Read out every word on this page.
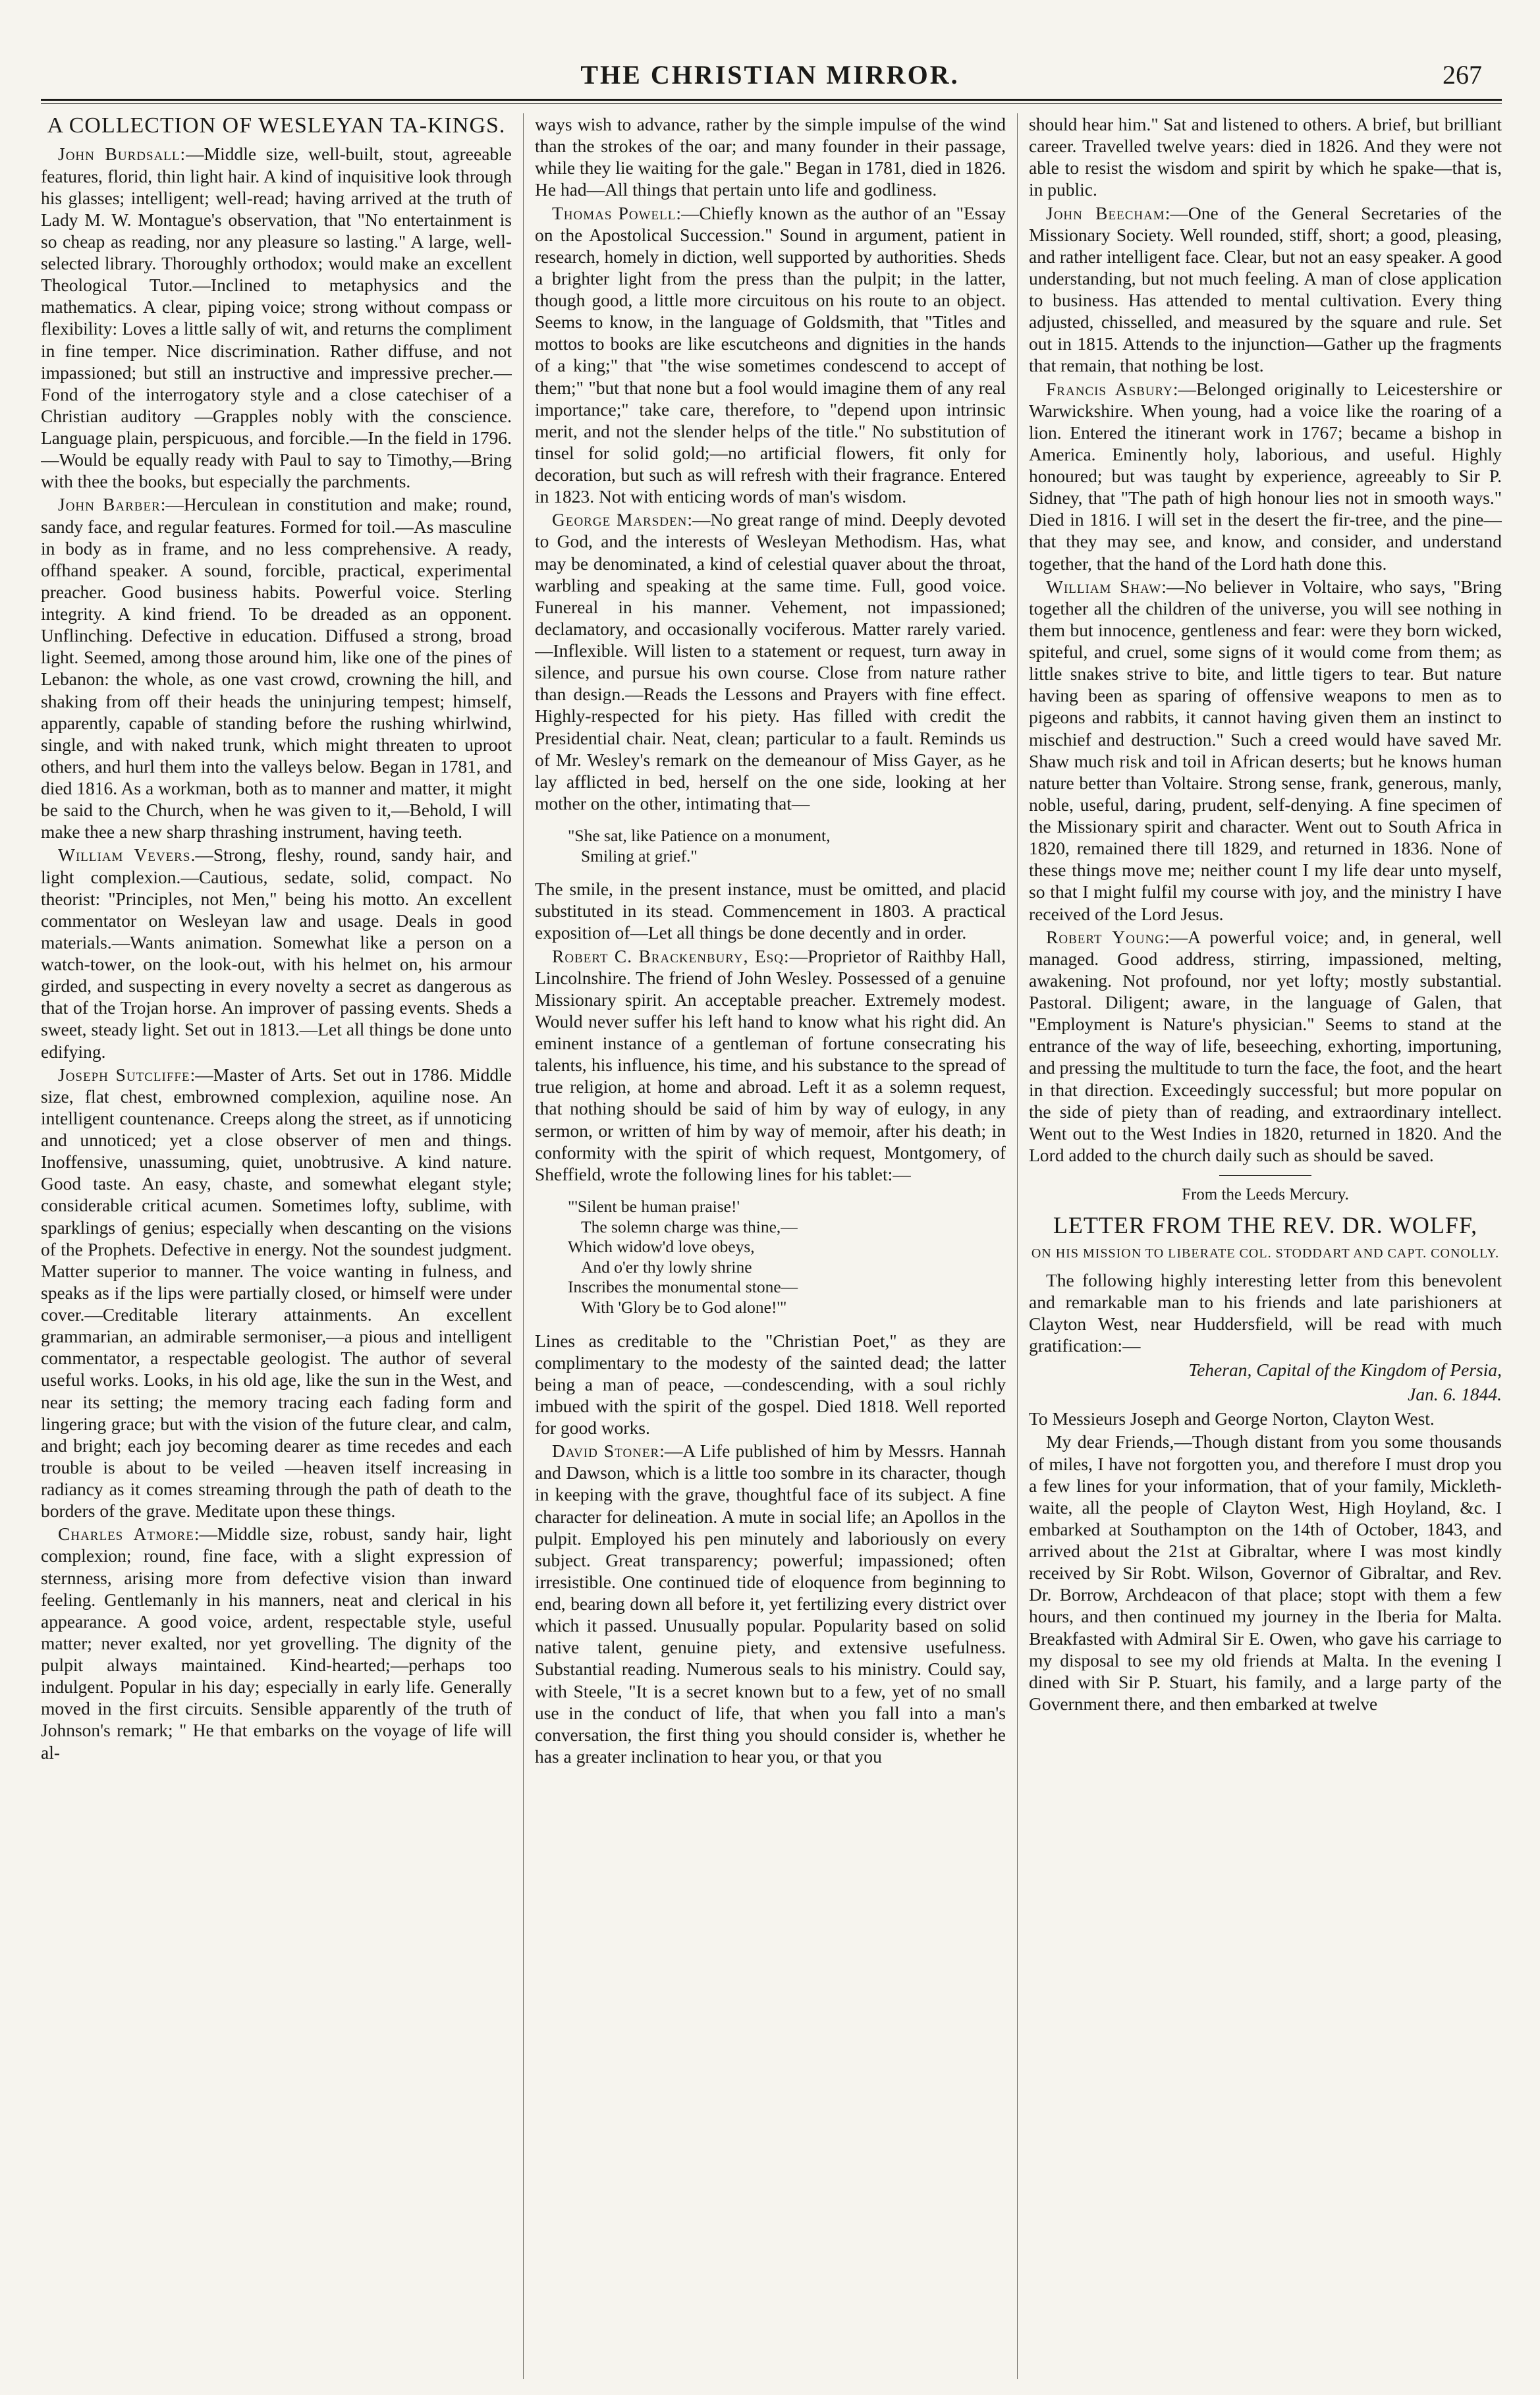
THE CHRISTIAN MIRROR.	267
A COLLECTION OF WESLEYAN TA-KINGS.

John Burdsall:—Middle size, well-built, stout, agreeable features, florid, thin light hair. A kind of inquisitive look through his glasses; intelligent; well-read; having arrived at the truth of Lady M. W. Montague's observation, that "No entertainment is so cheap as reading, nor any pleasure so lasting." A large, well-selected library. Thoroughly orthodox; would make an excellent Theological Tutor.—Inclined to metaphysics and the mathematics. A clear, piping voice; strong without compass or flexibility: Loves a little sally of wit, and returns the compliment in fine temper. Nice discrimination. Rather diffuse, and not impassioned; but still an instructive and impressive precher.—Fond of the interrogatory style and a close catechiser of a Christian auditory —Grapples nobly with the conscience. Language plain, perspicuous, and forcible.—In the field in 1796.—Would be equally ready with Paul to say to Timothy,—Bring with thee the books, but especially the parchments.

John Barber:—Herculean in constitution and make; round, sandy face, and regular features. Formed for toil.—As masculine in body as in frame, and no less comprehensive. A ready, offhand speaker. A sound, forcible, practical, experimental preacher. Good business habits. Powerful voice. Sterling integrity. A kind friend. To be dreaded as an opponent. Unflinching. Defective in education. Diffused a strong, broad light. Seemed, among those around him, like one of the pines of Lebanon: the whole, as one vast crowd, crowning the hill, and shaking from off their heads the uninjuring tempest; himself, apparently, capable of standing before the rushing whirlwind, single, and with naked trunk, which might threaten to uproot others, and hurl them into the valleys below. Began in 1781, and died 1816. As a workman, both as to manner and matter, it might be said to the Church, when he was given to it,—Behold, I will make thee a new sharp thrashing instrument, having teeth.

William Vevers.—Strong, fleshy, round, sandy hair, and light complexion.—Cautious, sedate, solid, compact. No theorist: "Principles, not Men," being his motto. An excellent commentator on Wesleyan law and usage. Deals in good materials.—Wants animation. Somewhat like a person on a watch-tower, on the look-out, with his helmet on, his armour girded, and suspecting in every novelty a secret as dangerous as that of the Trojan horse. An improver of passing events. Sheds a sweet, steady light. Set out in 1813.—Let all things be done unto edifying.

Joseph Sutcliffe:—Master of Arts. Set out in 1786. Middle size, flat chest, embrowned complexion, aquiline nose. An intelligent countenance. Creeps along the street, as if unnoticing and unnoticed; yet a close observer of men and things. Inoffensive, unassuming, quiet, unobtrusive. A kind nature. Good taste. An easy, chaste, and somewhat elegant style; considerable critical acumen. Sometimes lofty, sublime, with sparklings of genius; especially when descanting on the visions of the Prophets. Defective in energy. Not the soundest judgment. Matter superior to manner. The voice wanting in fulness, and speaks as if the lips were partially closed, or himself were under cover.—Creditable literary attainments. An excellent grammarian, an admirable sermoniser,—a pious and intelligent commentator, a respectable geologist. The author of several useful works. Looks, in his old age, like the sun in the West, and near its setting; the memory tracing each fading form and lingering grace; but with the vision of the future clear, and calm, and bright; each joy becoming dearer as time recedes and each trouble is about to be veiled —heaven itself increasing in radiancy as it comes streaming through the path of death to the borders of the grave. Meditate upon these things.

Charles Atmore:—Middle size, robust, sandy hair, light complexion; round, fine face, with a slight expression of sternness, arising more from defective vision than inward feeling. Gentlemanly in his manners, neat and clerical in his appearance. A good voice, ardent, respectable style, useful matter; never exalted, nor yet grovelling. The dignity of the pulpit always maintained. Kind-hearted;—perhaps too indulgent. Popular in his day; especially in early life. Generally moved in the first circuits. Sensible apparently of the truth of Johnson's remark; " He that embarks on the voyage of life will al-

ways wish to advance, rather by the simple impulse of the wind than the strokes of the oar; and many founder in their passage, while they lie waiting for the gale." Began in 1781, died in 1826. He had—All things that pertain unto life and godliness.

Thomas Powell:—Chiefly known as the author of an "Essay on the Apostolical Succession." Sound in argument, patient in research, homely in diction, well supported by authorities. Sheds a brighter light from the press than the pulpit; in the latter, though good, a little more circuitous on his route to an object. Seems to know, in the language of Goldsmith, that "Titles and mottos to books are like escutcheons and dignities in the hands of a king;" that "the wise sometimes condescend to accept of them;" "but that none but a fool would imagine them of any real importance;" take care, therefore, to "depend upon intrinsic merit, and not the slender helps of the title." No substitution of tinsel for solid gold;—no artificial flowers, fit only for decoration, but such as will refresh with their fragrance. Entered in 1823. Not with enticing words of man's wisdom.

George Marsden:—No great range of mind. Deeply devoted to God, and the interests of Wesleyan Methodism. Has, what may be denominated, a kind of celestial quaver about the throat, warbling and speaking at the same time. Full, good voice. Funereal in his manner. Vehement, not impassioned; declamatory, and occasionally vociferous. Matter rarely varied.—Inflexible. Will listen to a statement or request, turn away in silence, and pursue his own course. Close from nature rather than design.—Reads the Lessons and Prayers with fine effect. Highly-respected for his piety. Has filled with credit the Presidential chair. Neat, clean; particular to a fault. Reminds us of Mr. Wesley's remark on the demeanour of Miss Gayer, as he lay afflicted in bed, herself on the one side, looking at her mother on the other, intimating that—

"She sat, like Patience on a monument,
Smiling at grief."

The smile, in the present instance, must be omitted, and placid substituted in its stead. Commencement in 1803. A practical exposition of—Let all things be done decently and in order.

Robert C. Brackenbury, Esq:—Proprietor of Raithby Hall, Lincolnshire. The friend of John Wesley. Possessed of a genuine Missionary spirit. An acceptable preacher. Extremely modest. Would never suffer his left hand to know what his right did. An eminent instance of a gentleman of fortune consecrating his talents, his influence, his time, and his substance to the spread of true religion, at home and abroad. Left it as a solemn request, that nothing should be said of him by way of eulogy, in any sermon, or written of him by way of memoir, after his death; in conformity with the spirit of which request, Montgomery, of Sheffield, wrote the following lines for his tablet:—

"'Silent be human praise!'
The solemn charge was thine,—
Which widow'd love obeys,
And o'er thy lowly shrine
Inscribes the monumental stone—
With 'Glory be to God alone!'"

Lines as creditable to the "Christian Poet," as they are complimentary to the modesty of the sainted dead; the latter being a man of peace, —condescending, with a soul richly imbued with the spirit of the gospel. Died 1818. Well reported for good works.

David Stoner:—A Life published of him by Messrs. Hannah and Dawson, which is a little too sombre in its character, though in keeping with the grave, thoughtful face of its subject. A fine character for delineation. A mute in social life; an Apollos in the pulpit. Employed his pen minutely and laboriously on every subject. Great transparency; powerful; impassioned; often irresistible. One continued tide of eloquence from beginning to end, bearing down all before it, yet fertilizing every district over which it passed. Unusually popular. Popularity based on solid native talent, genuine piety, and extensive usefulness. Substantial reading. Numerous seals to his ministry. Could say, with Steele, "It is a secret known but to a few, yet of no small use in the conduct of life, that when you fall into a man's conversation, the first thing you should consider is, whether he has a greater inclination to hear you, or that you

should hear him." Sat and listened to others. A brief, but brilliant career. Travelled twelve years: died in 1826. And they were not able to resist the wisdom and spirit by which he spake—that is, in public.

John Beecham:—One of the General Secretaries of the Missionary Society. Well rounded, stiff, short; a good, pleasing, and rather intelligent face. Clear, but not an easy speaker. A good understanding, but not much feeling. A man of close application to business. Has attended to mental cultivation. Every thing adjusted, chisselled, and measured by the square and rule. Set out in 1815. Attends to the injunction—Gather up the fragments that remain, that nothing be lost.

Francis Asbury:—Belonged originally to Leicestershire or Warwickshire. When young, had a voice like the roaring of a lion. Entered the itinerant work in 1767; became a bishop in America. Eminently holy, laborious, and useful. Highly honoured; but was taught by experience, agreeably to Sir P. Sidney, that "The path of high honour lies not in smooth ways." Died in 1816. I will set in the desert the fir-tree, and the pine—that they may see, and know, and consider, and understand together, that the hand of the Lord hath done this.

William Shaw:—No believer in Voltaire, who says, "Bring together all the children of the universe, you will see nothing in them but innocence, gentleness and fear: were they born wicked, spiteful, and cruel, some signs of it would come from them; as little snakes strive to bite, and little tigers to tear. But nature having been as sparing of offensive weapons to men as to pigeons and rabbits, it cannot having given them an instinct to mischief and destruction." Such a creed would have saved Mr. Shaw much risk and toil in African deserts; but he knows human nature better than Voltaire. Strong sense, frank, generous, manly, noble, useful, daring, prudent, self-denying. A fine specimen of the Missionary spirit and character. Went out to South Africa in 1820, remained there till 1829, and returned in 1836. None of these things move me; neither count I my life dear unto myself, so that I might fulfil my course with joy, and the ministry I have received of the Lord Jesus.

Robert Young:—A powerful voice; and, in general, well managed. Good address, stirring, impassioned, melting, awakening. Not profound, nor yet lofty; mostly substantial. Pastoral. Diligent; aware, in the language of Galen, that "Employment is Nature's physician." Seems to stand at the entrance of the way of life, beseeching, exhorting, importuning, and pressing the multitude to turn the face, the foot, and the heart in that direction. Exceedingly successful; but more popular on the side of piety than of reading, and extraordinary intellect. Went out to the West Indies in 1820, returned in 1820. And the Lord added to the church daily such as should be saved.

From the Leeds Mercury.
LETTER FROM THE REV. DR. WOLFF,
ON HIS MISSION TO LIBERATE COL. STODDART AND CAPT. CONOLLY.

The following highly interesting letter from this benevolent and remarkable man to his friends and late parishioners at Clayton West, near Huddersfield, will be read with much gratification:—

Teheran, Capital of the Kingdom of Persia,
Jan. 6. 1844.

To Messieurs Joseph and George Norton, Clayton West.

My dear Friends,—Though distant from you some thousands of miles, I have not forgotten you, and therefore I must drop you a few lines for your information, that of your family, Mickleth-waite, all the people of Clayton West, High Hoyland, &c. I embarked at Southampton on the 14th of October, 1843, and arrived about the 21st at Gibraltar, where I was most kindly received by Sir Robt. Wilson, Governor of Gibraltar, and Rev. Dr. Borrow, Archdeacon of that place; stopt with them a few hours, and then continued my journey in the Iberia for Malta. Breakfasted with Admiral Sir E. Owen, who gave his carriage to my disposal to see my old friends at Malta. In the evening I dined with Sir P. Stuart, his family, and a large party of the Government there, and then embarked at twelve
